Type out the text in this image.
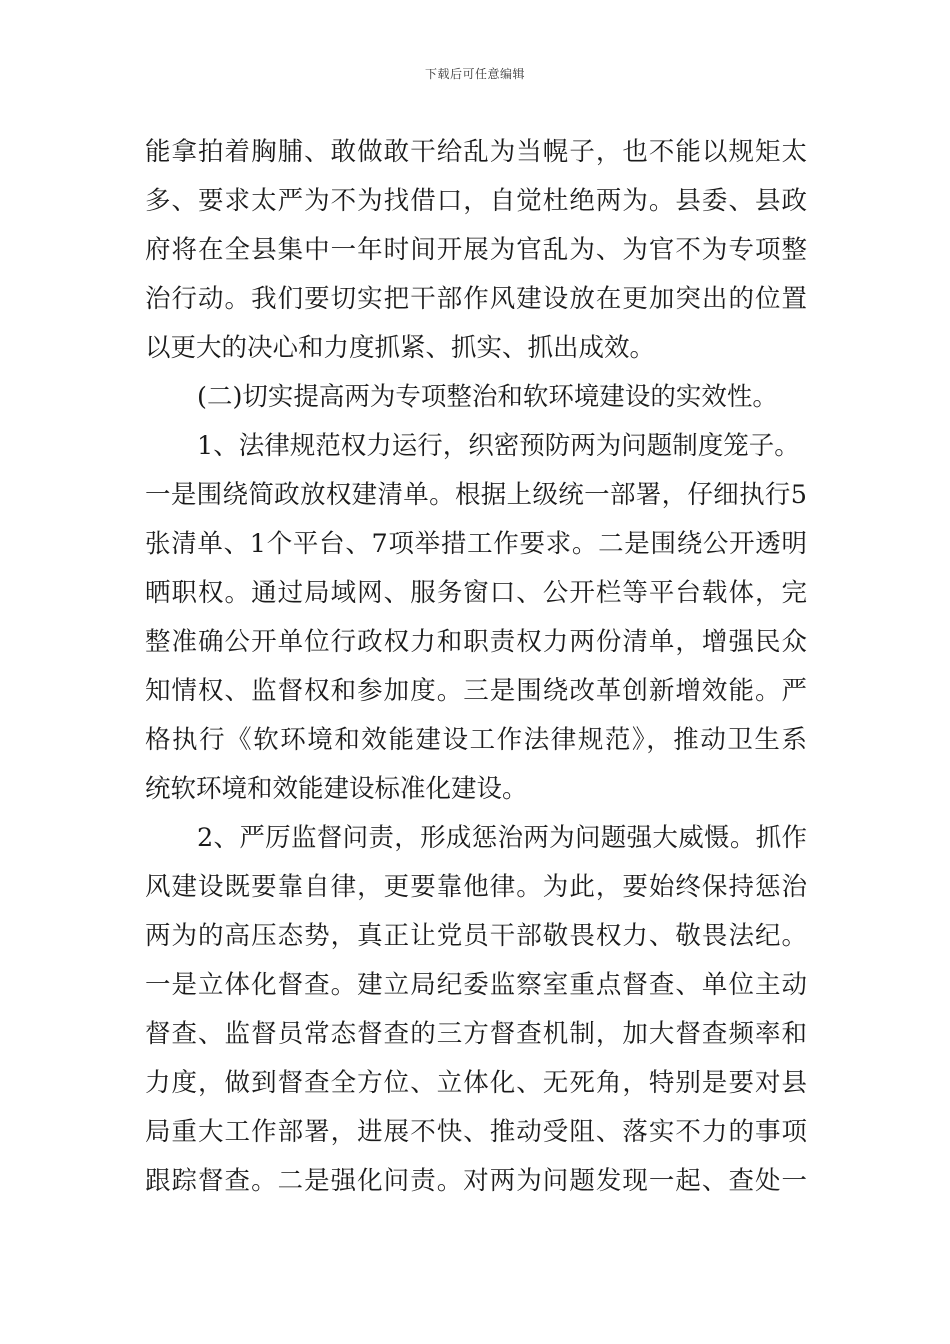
下载后可任意编辑
能拿拍着胸脯、敢做敢干给乱为当幌子，也不能以规矩太
多、要求太严为不为找借口，自觉杜绝两为。县委、县政
府将在全县集中一年时间开展为官乱为、为官不为专项整
治行动。我们要切实把干部作风建设放在更加突出的位置
以更大的决心和力度抓紧、抓实、抓出成效。
(二)切实提高两为专项整治和软环境建设的实效性。
1、法律规范权力运行，织密预防两为问题制度笼子。
一是围绕简政放权建清单。根据上级统一部署，仔细执行5
张清单、1个平台、7项举措工作要求。二是围绕公开透明
晒职权。通过局域网、服务窗口、公开栏等平台载体，完
整准确公开单位行政权力和职责权力两份清单，增强民众
知情权、监督权和参加度。三是围绕改革创新增效能。严
格执行《软环境和效能建设工作法律规范》，推动卫生系
统软环境和效能建设标准化建设。
2、严厉监督问责，形成惩治两为问题强大威慑。抓作
风建设既要靠自律，更要靠他律。为此，要始终保持惩治
两为的高压态势，真正让党员干部敬畏权力、敬畏法纪。
一是立体化督查。建立局纪委监察室重点督查、单位主动
督查、监督员常态督查的三方督查机制，加大督查频率和
力度，做到督查全方位、立体化、无死角，特别是要对县
局重大工作部署，进展不快、推动受阻、落实不力的事项
跟踪督查。二是强化问责。对两为问题发现一起、查处一
